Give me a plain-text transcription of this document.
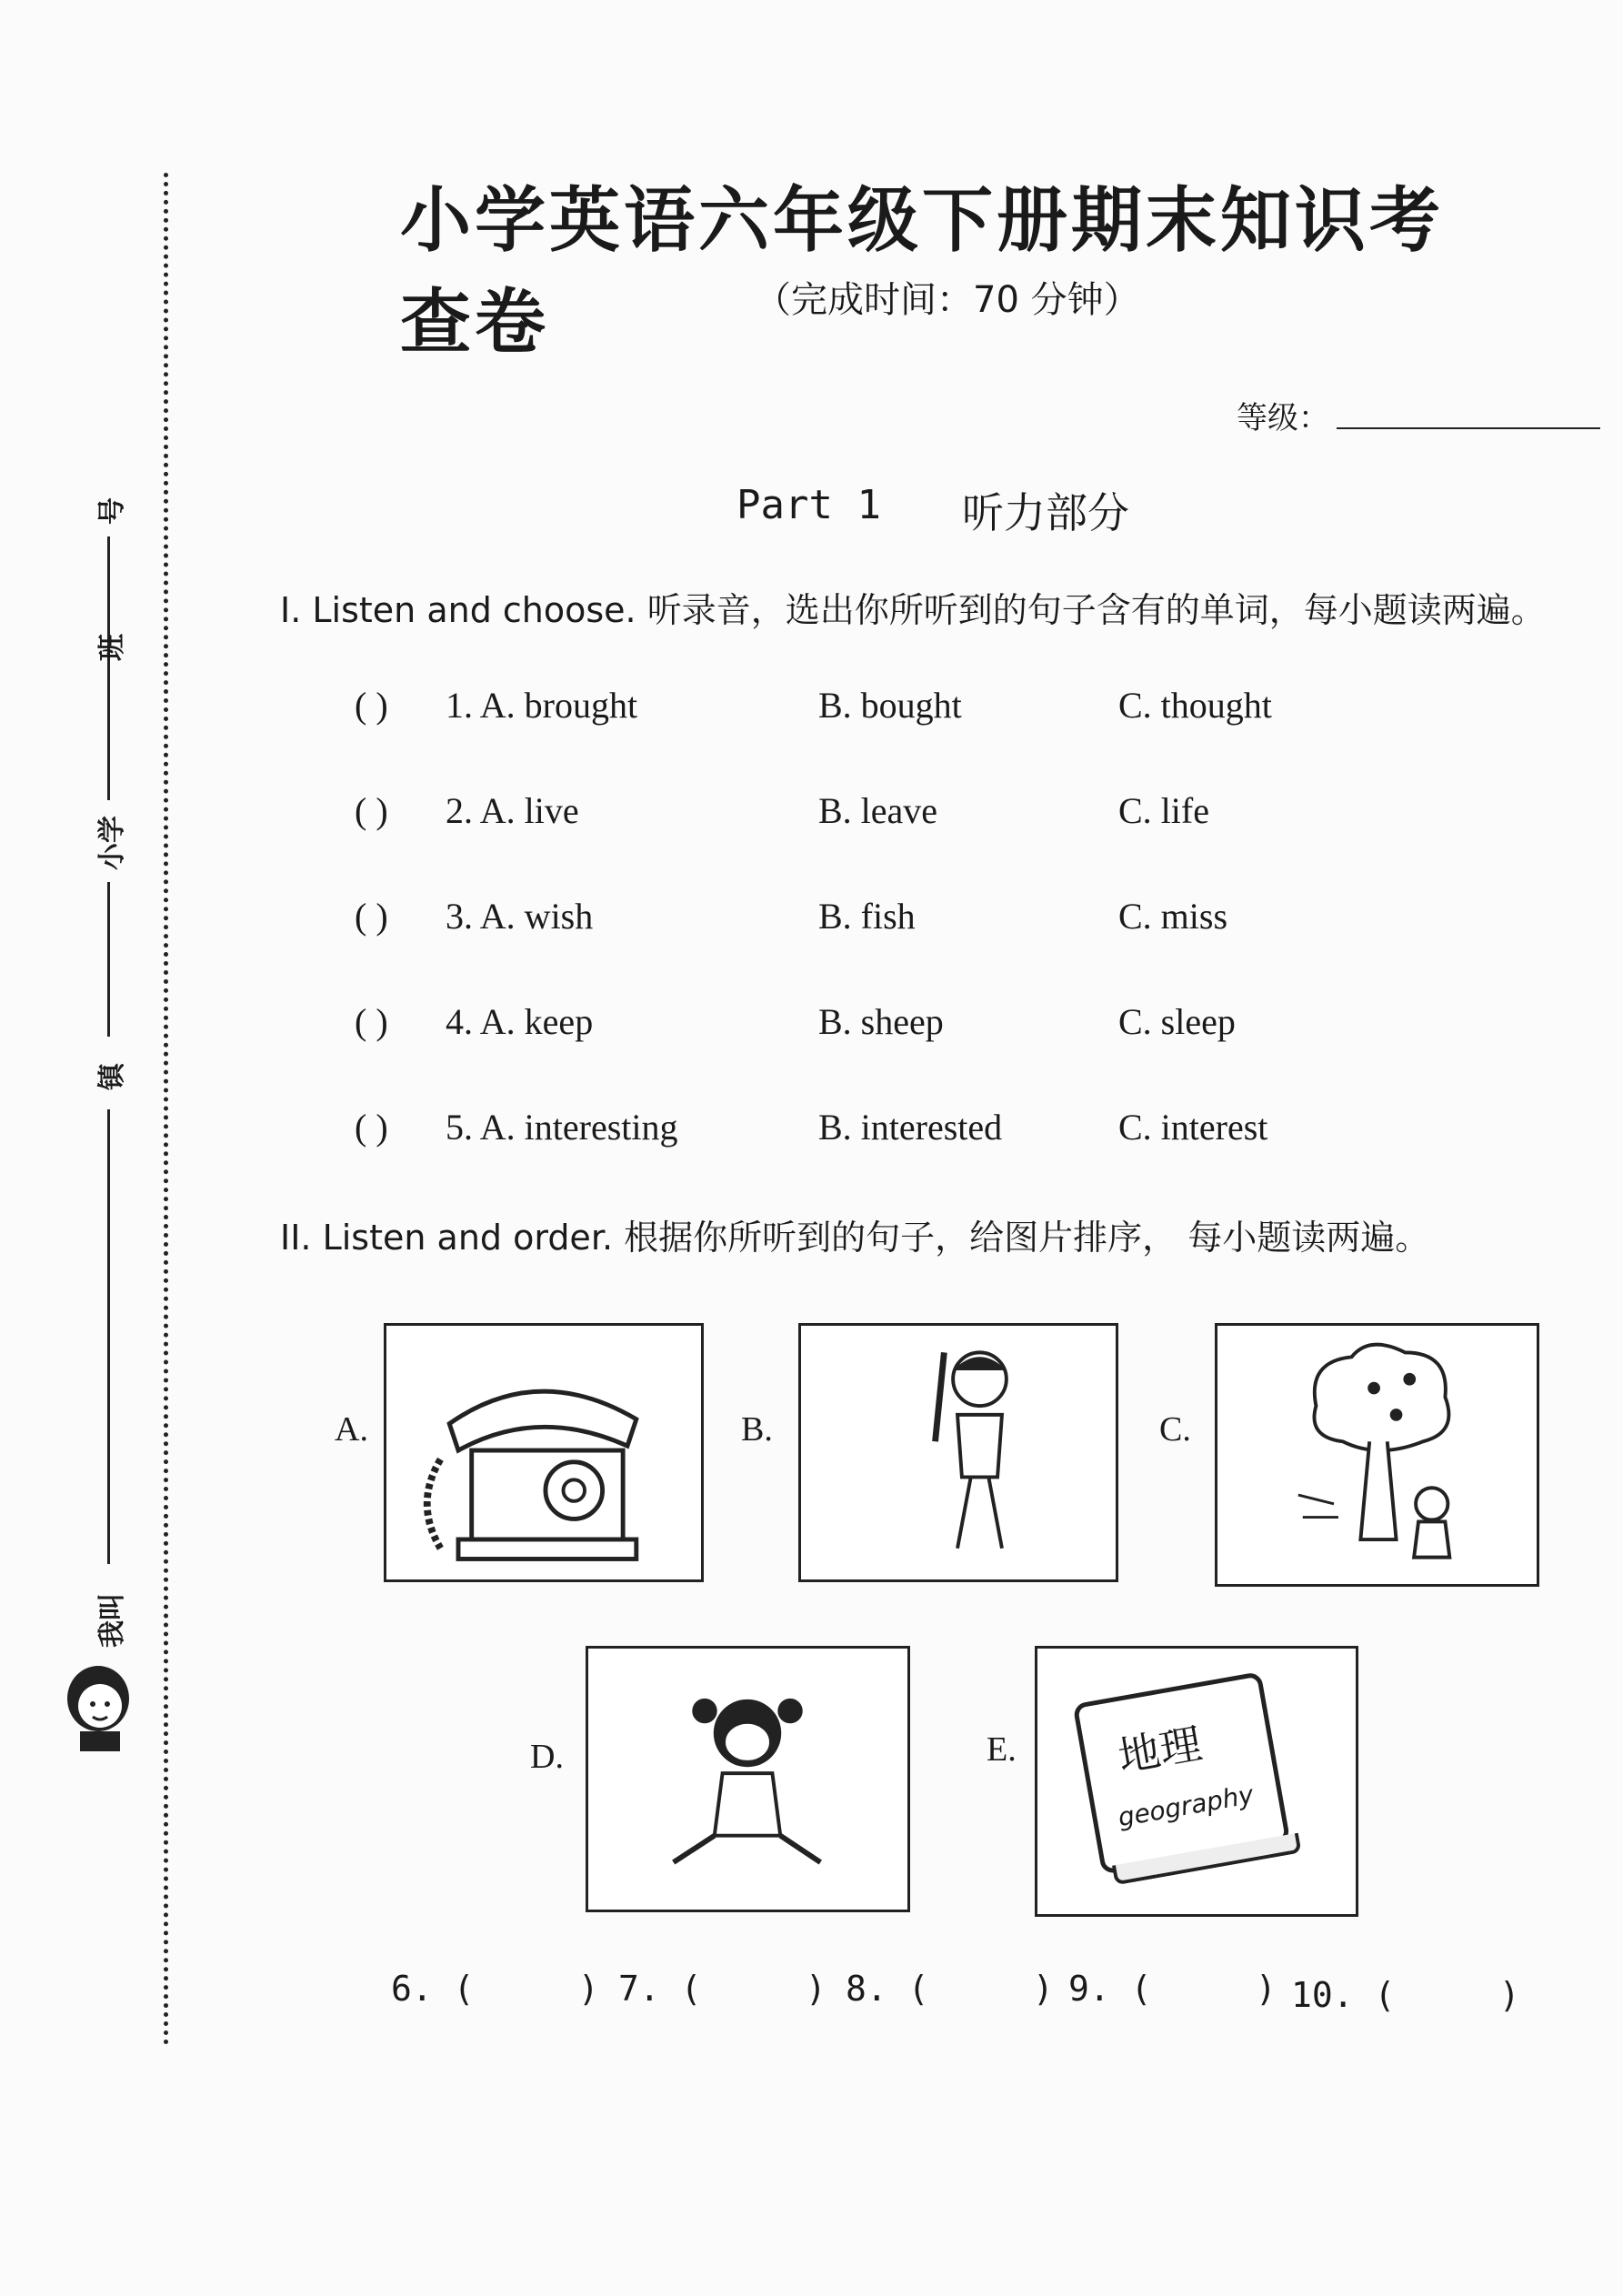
号
班
小学
镇
我叫
小学英语六年级下册期末知识考查卷	（完成时间：70 分钟）
等级：
Part 1 听力部分
I. Listen and choose. 听录音，选出你所听到的句子含有的单词，每小题读两遍。
( ) 1. A. brought	B. bought	C. thought
( ) 2. A. live	B. leave	C. life
( ) 3. A. wish	B. fish	C. miss
( ) 4. A. keep	B. sheep	C. sleep
( ) 5. A. interesting	B. interested	C. interest
II. Listen and order. 根据你所听到的句子，给图片排序， 每小题读两遍。
A.	B.	C.
D.	E. 地理
geography
6. (     ) 7. (     ) 8. (     ) 9. (     ) 10. (     )
